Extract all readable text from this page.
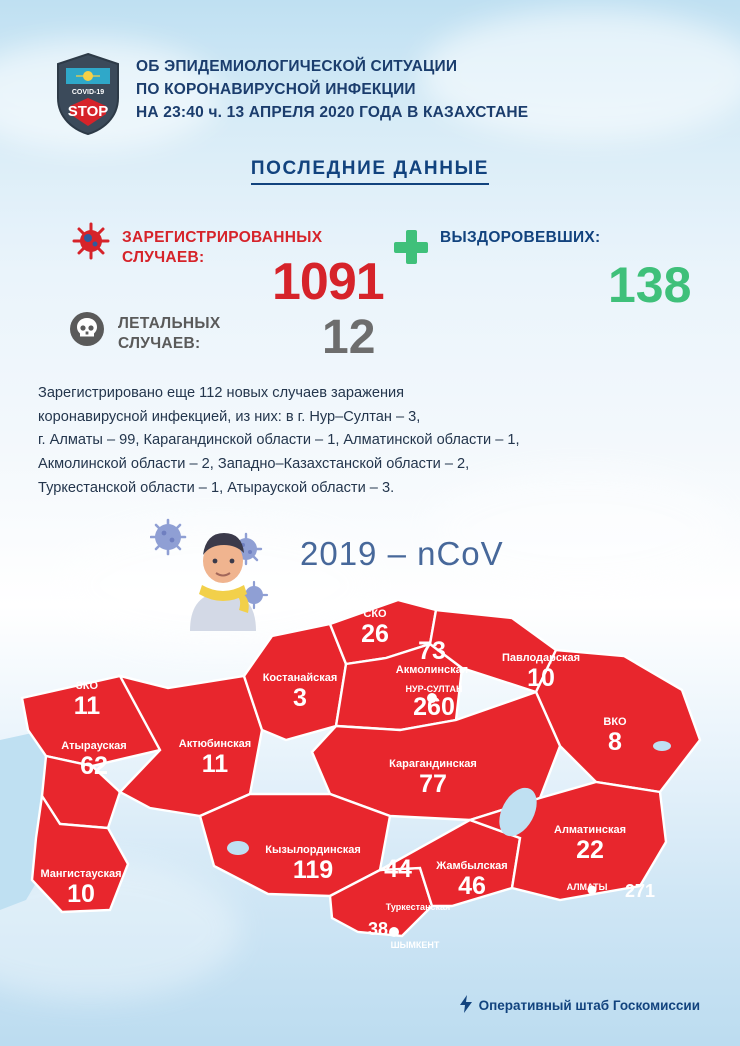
COVID-19
STOP
ОБ ЭПИДЕМИОЛОГИЧЕСКОЙ СИТУАЦИИ
ПО КОРОНАВИРУСНОЙ ИНФЕКЦИИ
НА 23:40 ч. 13 АПРЕЛЯ 2020 ГОДА В КАЗАХСТАНЕ
ПОСЛЕДНИЕ ДАННЫЕ
ЗАРЕГИСТРИРОВАННЫХ
СЛУЧАЕВ:	1091
ВЫЗДОРОВЕВШИХ:
138
ЛЕТАЛЬНЫХ
СЛУЧАЕВ:	12
Зарегистрировано еще 112 новых случаев заражения
коронавирусной инфекцией, из них: в г. Нур–Султан – 3,
г. Алматы – 99, Карагандинской области – 1, Алматинской области – 1,
Акмолинской области – 2, Западно–Казахстанской области – 2,
Туркестанской области – 1, Атырауской области – 3.
2019 – nCoV
ЗКО
11
Атырауская
62
Мангистауская
10
Актюбинская
11
Костанайская
3
СКО
26
73
Акмолинская
НУР-СУЛТАН
260
Павлодарская
10
ВКО
8
Карагандинская
77
Кызылординская
119	44
Туркестанская
38
ШЫМКЕНТ
Жамбылская
46
Алматинская
22
АЛМАТЫ 271
Оперативный штаб Госкомиссии
